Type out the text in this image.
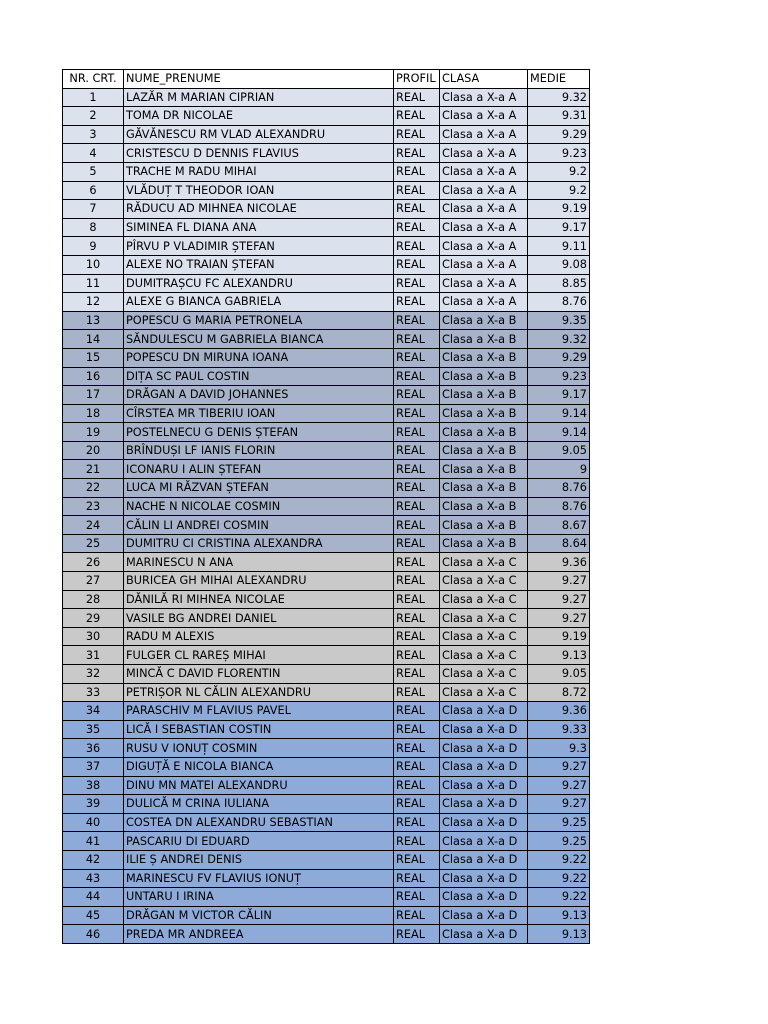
NR. CRT.	NUME_PRENUME	PROFIL	CLASA	MEDIE
1	LAZĂR M MARIAN CIPRIAN	REAL	Clasa a X-a A	9.32
2	TOMA DR NICOLAE	REAL	Clasa a X-a A	9.31
3	GĂVĂNESCU RM VLAD ALEXANDRU	REAL	Clasa a X-a A	9.29
4	CRISTESCU D DENNIS FLAVIUS	REAL	Clasa a X-a A	9.23
5	TRACHE M RADU MIHAI	REAL	Clasa a X-a A	9.2
6	VLĂDUȚ T THEODOR IOAN	REAL	Clasa a X-a A	9.2
7	RĂDUCU AD MIHNEA NICOLAE	REAL	Clasa a X-a A	9.19
8	SIMINEA FL DIANA ANA	REAL	Clasa a X-a A	9.17
9	PÎRVU P VLADIMIR ȘTEFAN	REAL	Clasa a X-a A	9.11
10	ALEXE NO TRAIAN ȘTEFAN	REAL	Clasa a X-a A	9.08
11	DUMITRAȘCU FC ALEXANDRU	REAL	Clasa a X-a A	8.85
12	ALEXE G BIANCA GABRIELA	REAL	Clasa a X-a A	8.76
13	POPESCU G MARIA PETRONELA	REAL	Clasa a X-a B	9.35
14	SĂNDULESCU M GABRIELA BIANCA	REAL	Clasa a X-a B	9.32
15	POPESCU DN MIRUNA IOANA	REAL	Clasa a X-a B	9.29
16	DIȚA SC PAUL COSTIN	REAL	Clasa a X-a B	9.23
17	DRĂGAN A DAVID JOHANNES	REAL	Clasa a X-a B	9.17
18	CÎRSTEA MR TIBERIU IOAN	REAL	Clasa a X-a B	9.14
19	POSTELNECU G DENIS ȘTEFAN	REAL	Clasa a X-a B	9.14
20	BRÎNDUȘI LF IANIS FLORIN	REAL	Clasa a X-a B	9.05
21	ICONARU I ALIN ȘTEFAN	REAL	Clasa a X-a B	9
22	LUCA MI RĂZVAN ȘTEFAN	REAL	Clasa a X-a B	8.76
23	NACHE N NICOLAE COSMIN	REAL	Clasa a X-a B	8.76
24	CĂLIN LI ANDREI COSMIN	REAL	Clasa a X-a B	8.67
25	DUMITRU CI CRISTINA ALEXANDRA	REAL	Clasa a X-a B	8.64
26	MARINESCU N ANA	REAL	Clasa a X-a C	9.36
27	BURICEA GH MIHAI ALEXANDRU	REAL	Clasa a X-a C	9.27
28	DĂNILĂ RI MIHNEA NICOLAE	REAL	Clasa a X-a C	9.27
29	VASILE BG ANDREI DANIEL	REAL	Clasa a X-a C	9.27
30	RADU M ALEXIS	REAL	Clasa a X-a C	9.19
31	FULGER CL RAREȘ MIHAI	REAL	Clasa a X-a C	9.13
32	MINCĂ C DAVID FLORENTIN	REAL	Clasa a X-a C	9.05
33	PETRIȘOR NL CĂLIN ALEXANDRU	REAL	Clasa a X-a C	8.72
34	PARASCHIV M FLAVIUS PAVEL	REAL	Clasa a X-a D	9.36
35	LICĂ I SEBASTIAN COSTIN	REAL	Clasa a X-a D	9.33
36	RUSU V IONUȚ COSMIN	REAL	Clasa a X-a D	9.3
37	DIGUȚĂ E NICOLA BIANCA	REAL	Clasa a X-a D	9.27
38	DINU MN MATEI ALEXANDRU	REAL	Clasa a X-a D	9.27
39	DULICĂ M CRINA IULIANA	REAL	Clasa a X-a D	9.27
40	COSTEA DN ALEXANDRU SEBASTIAN	REAL	Clasa a X-a D	9.25
41	PASCARIU DI EDUARD	REAL	Clasa a X-a D	9.25
42	ILIE Ș ANDREI DENIS	REAL	Clasa a X-a D	9.22
43	MARINESCU FV FLAVIUS IONUȚ	REAL	Clasa a X-a D	9.22
44	UNTARU I IRINA	REAL	Clasa a X-a D	9.22
45	DRĂGAN M VICTOR CĂLIN	REAL	Clasa a X-a D	9.13
46	PREDA MR ANDREEA	REAL	Clasa a X-a D	9.13
